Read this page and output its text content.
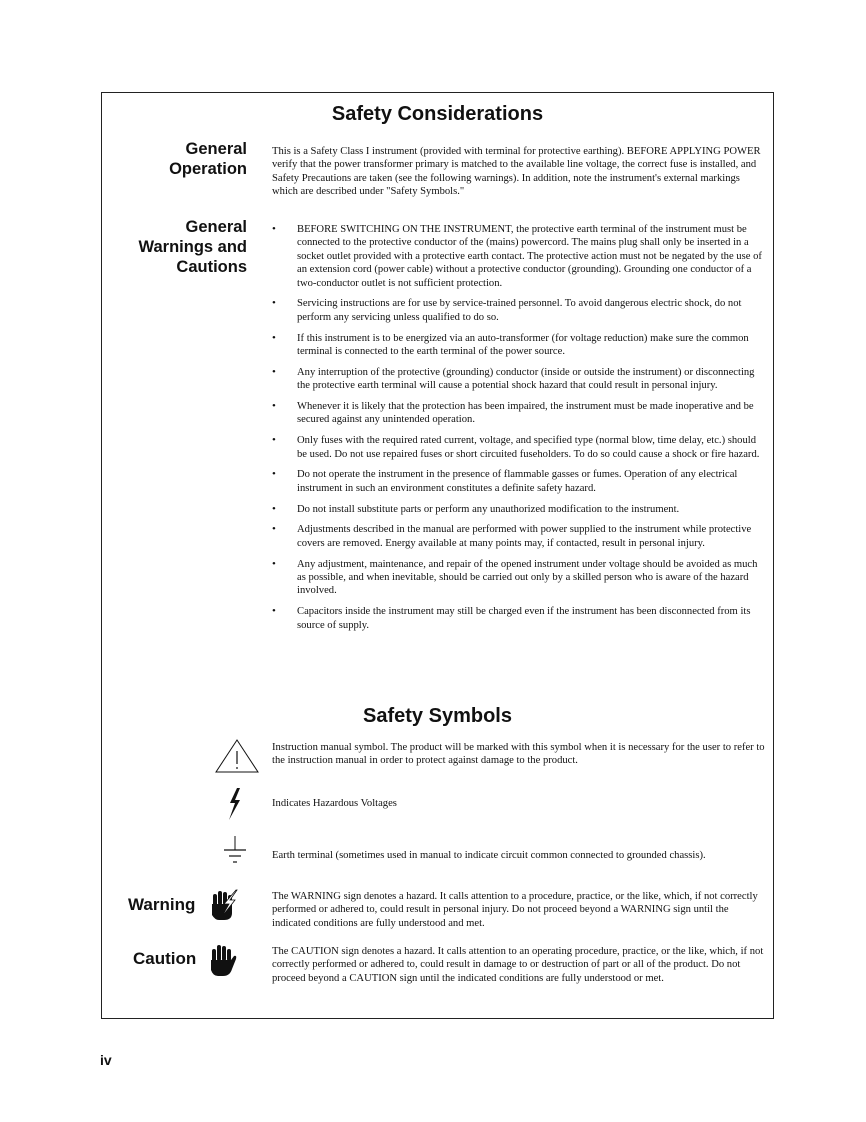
Safety Considerations
General
Operation
This is a Safety Class I instrument (provided with terminal for protective earthing). BEFORE APPLYING POWER verify that the power transformer primary is matched to the available line voltage, the correct fuse is installed, and Safety Precautions are taken (see the following warnings). In addition, note the instrument's external markings which are described under "Safety Symbols."
General
Warnings and
Cautions
• BEFORE SWITCHING ON THE INSTRUMENT, the protective earth terminal of the instrument must be connected to the protective conductor of the (mains) powercord. The mains plug shall only be inserted in a socket outlet provided with a protective earth contact. The protective action must not be negated by the use of an extension cord (power cable) without a protective conductor (grounding). Grounding one conductor of a two-conductor outlet is not sufficient protection.
• Servicing instructions are for use by service-trained personnel. To avoid dangerous electric shock, do not perform any servicing unless qualified to do so.
• If this instrument is to be energized via an auto-transformer (for voltage reduction) make sure the common terminal is connected to the earth terminal of the power source.
• Any interruption of the protective (grounding) conductor (inside or outside the instrument) or disconnecting the protective earth terminal will cause a potential shock hazard that could result in personal injury.
• Whenever it is likely that the protection has been impaired, the instrument must be made inoperative and be secured against any unintended operation.
• Only fuses with the required rated current, voltage, and specified type (normal blow, time delay, etc.) should be used. Do not use repaired fuses or short circuited fuseholders. To do so could cause a shock or fire hazard.
• Do not operate the instrument in the presence of flammable gasses or fumes. Operation of any electrical instrument in such an environment constitutes a definite safety hazard.
• Do not install substitute parts or perform any unauthorized modification to the instrument.
• Adjustments described in the manual are performed with power supplied to the instrument while protective covers are removed. Energy available at many points may, if contacted, result in personal injury.
• Any adjustment, maintenance, and repair of the opened instrument under voltage should be avoided as much as possible, and when inevitable, should be carried out only by a skilled person who is aware of the hazard involved.
• Capacitors inside the instrument may still be charged even if the instrument has been disconnected from its source of supply.
Safety Symbols
Instruction manual symbol. The product will be marked with this symbol when it is necessary for the user to refer to the instruction manual in order to protect against damage to the product.
Indicates Hazardous Voltages
Earth terminal (sometimes used in manual to indicate circuit common connected to grounded chassis).
Warning	The WARNING sign denotes a hazard. It calls attention to a procedure, practice, or the like, which, if not correctly performed or adhered to, could result in personal injury. Do not proceed beyond a WARNING sign until the indicated conditions are fully understood and met.
Caution	The CAUTION sign denotes a hazard. It calls attention to an operating procedure, practice, or the like, which, if not correctly performed or adhered to, could result in damage to or destruction of part or all of the product. Do not proceed beyond a CAUTION sign until the indicated conditions are fully understood or met.
iv
